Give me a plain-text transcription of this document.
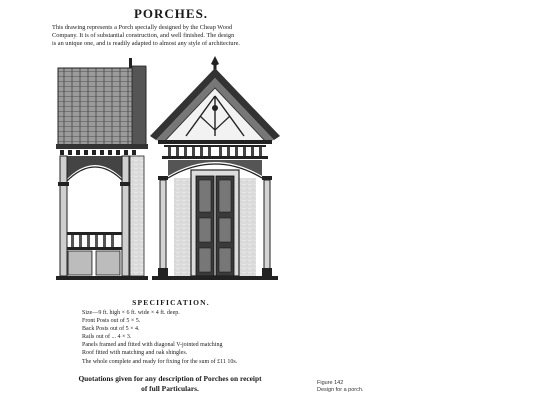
PORCHES.
This drawing represents a Porch specially designed by the Cheap Wood
Company. It is of substantial construction, and well finished. The design
is an unique one, and is readily adapted to almost any style of architecture.
SPECIFICATION.
Size—9 ft. high × 6 ft. wide × 4 ft. deep.
Front Posts out of 5 × 5.
Back Posts out of 5 × 4.
Rails out of ... 4 × 3.
Panels framed and fitted with diagonal V-jointed matching
Roof fitted with matching and oak shingles.
The whole complete and ready for fixing for the sum of £11 10s.
Quotations given for any description of Porches on receipt
of full Particulars.
Figure 142
Design for a porch.
